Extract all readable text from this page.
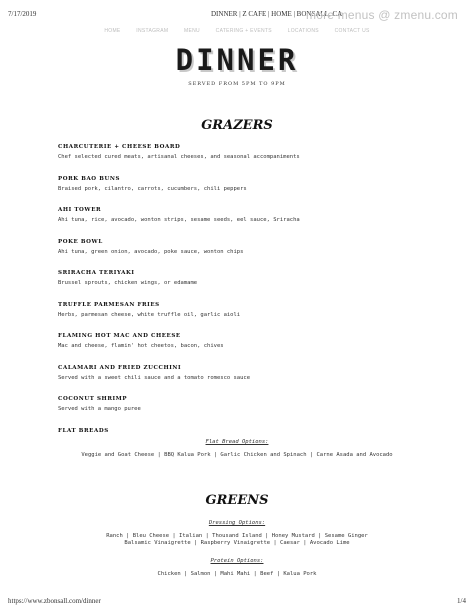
7/17/2019	DINNER | Z CAFE | HOME | BONSALL, CA
more menus @ zmenu.com
HOME	INSTAGRAM	MENU	CATERING + EVENTS	LOCATIONS	CONTACT US
DINNER
SERVED FROM 5PM TO 9PM
GRAZERS
CHARCUTERIE + CHEESE BOARD
Chef selected cured meats, artisanal cheeses, and seasonal accompaniments
PORK BAO BUNS
Braised pork, cilantro, carrots, cucumbers, chili peppers
AHI TOWER
Ahi tuna, rice, avocado, wonton strips, sesame seeds, eel sauce, Sriracha
POKE BOWL
Ahi tuna, green onion, avocado, poke sauce, wonton chips
SRIRACHA TERIYAKI
Brussel sprouts, chicken wings, or edamame
TRUFFLE PARMESAN FRIES
Herbs, parmesan cheese, white truffle oil, garlic aioli
FLAMING HOT MAC AND CHEESE
Mac and cheese, flamin' hot cheetos, bacon, chives
CALAMARI AND FRIED ZUCCHINI
Served with a sweet chili sauce and a tomato romesco sauce
COCONUT SHRIMP
Served with a mango puree
FLAT BREADS
Flat Bread Options:
Veggie and Goat Cheese | BBQ Kalua Pork | Garlic Chicken and Spinach | Carne Asada and Avocado
GREENS
Dressing Options:
Ranch | Bleu Cheese | Italian | Thousand Island | Honey Mustard | Sesame Ginger
Balsamic Vinaigrette | Raspberry Vinaigrette | Caesar | Avocado Lime
Protein Options:
Chicken | Salmon | Mahi Mahi | Beef | Kalua Pork
https://www.zbonsall.com/dinner	1/4
